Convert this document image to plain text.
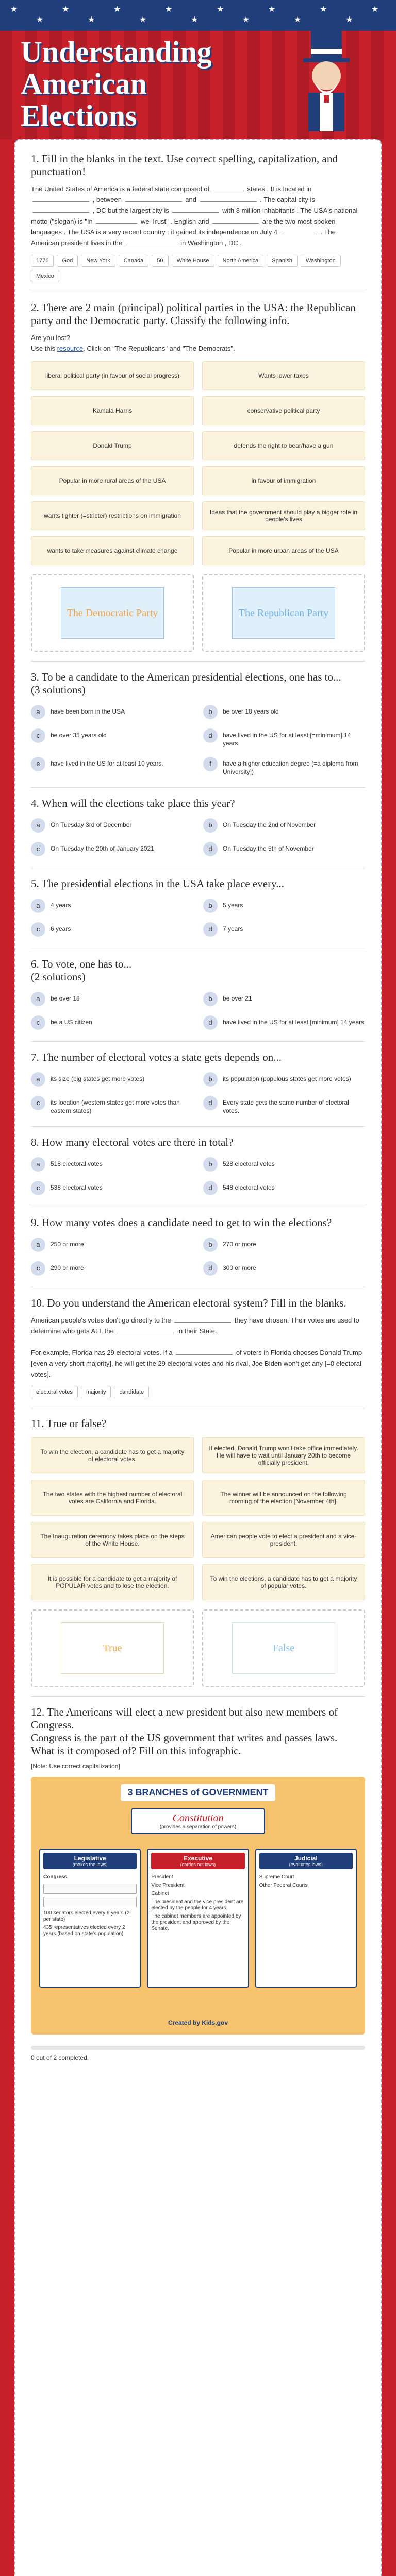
★
★
★
★
★
★
★
★
★
★
★
★
★
★
★
Understanding
American Elections

1. Fill in the blanks in the text. Use correct spelling, capitalization, and punctuation!

The United States of America is a federal state composed of	states . It is located in  , between	and	. The capital city is  , DC but the largest city is	with 8 million inhabitants . The USA's national motto ("slogan) is "In	we Trust" . English and	are the two most spoken languages . The USA is a very recent country : it gained its independence on July 4	. The American president lives in the	in Washington , DC .
1776	God	New York	Canada	50	White House	North America	Spanish	Washington
Mexico

2. There are 2 main (principal) political parties in the USA: the Republican party and the Democratic party. Classify the following info.

Are you lost?
Use this resource. Click on "The Republicans" and "The Democrats".
liberal political party (in favour of social progress)	Wants lower taxes
Kamala Harris	conservative political party
Donald Trump	defends the right to bear/have a gun
Popular in more rural areas of the USA	in favour of immigration
wants tighter (=stricter) restrictions on immigration	Ideas that the government should play a bigger role in people's lives
wants to take measures against climate change	Popular in more urban areas of the USA
The Democratic Party	The Republican Party

3. To be a candidate to the American presidential elections, one has to...
(3 solutions)

a	have been born in the USA	b	be over 18 years old
c	be over 35 years old	d	have lived in the US for at least [=minimum] 14 years
e	have lived in the US for at least 10 years.	f	have a higher education degree (=a diploma from University])

4. When will the elections take place this year?

a	On Tuesday 3rd of December	b	On Tuesday the 2nd of November
c	On Tuesday the 20th of January 2021	d	On Tuesday the 5th of November

5. The presidential elections in the USA take place every...

a	4 years	b	5 years
c	6 years	d	7 years

6. To vote, one has to...
(2 solutions)

a	be over 18	b	be over 21
c	be a US citizen	d	have lived in the US for at least [minimum] 14 years

7. The number of electoral votes a state gets depends on...

a	its size (big states get more votes)	b	its population (populous states get more votes)
c	its location (western states get more votes than eastern states)
d	Every state gets the same number of electoral votes.

8. How many electoral votes are there in total?

a	518 electoral votes	b	528 electoral votes
c	538 electoral votes	d	548 electoral votes

9. How many votes does a candidate need to get to win the elections?

a	250 or more	b	270 or more
c	290 or more	d	300 or more

10. Do you understand the American electoral system? Fill in the blanks.

American people's votes don't go directly to the	they have chosen. Their votes are used to determine who gets ALL the	in their State.

For example, Florida has 29 electoral votes. If a	of voters in Florida chooses Donald Trump [even a very short majority], he will get the 29 electoral votes and his rival, Joe Biden won't get any [=0 electoral votes].
electoral votes	majority	candidate

11. True or false?

To win the election, a candidate has to get a majority of electoral votes.
If elected, Donald Trump won't take office immediately. He will have to wait until January 20th to become officially president.
The two states with the highest number of electoral votes are California and Florida.
The winner will be announced on the following morning of the election [November 4th].
The Inauguration ceremony takes place on the steps of the White House.
American people vote to elect a president and a vice-president.
It is possible for a candidate to get a majority of POPULAR votes and to lose the election.
To win the elections, a candidate has to get a majority of popular votes.
True	False

12. The Americans will elect a new president but also new members of Congress.
Congress is the part of the US government that writes and passes laws.
What is it composed of? Fill on this infographic.

[Note: Use correct capitalization]
3 BRANCHES of GOVERNMENT
Constitution
(provides a separation of powers)
Legislative
(makes the laws)
Congress
100 senators elected every 6 years (2 per state)
435 representatives elected every 2 years (based on state's population)
Executive
(carries out laws)
President
Vice President
Cabinet
The president and the vice president are elected by the people for 4 years.
The cabinet members are appointed by the president and approved by the Senate.
Judicial
(evaluates laws)
Supreme Court
Other Federal Courts
Created by Kids.gov
0 out of 2 completed.
